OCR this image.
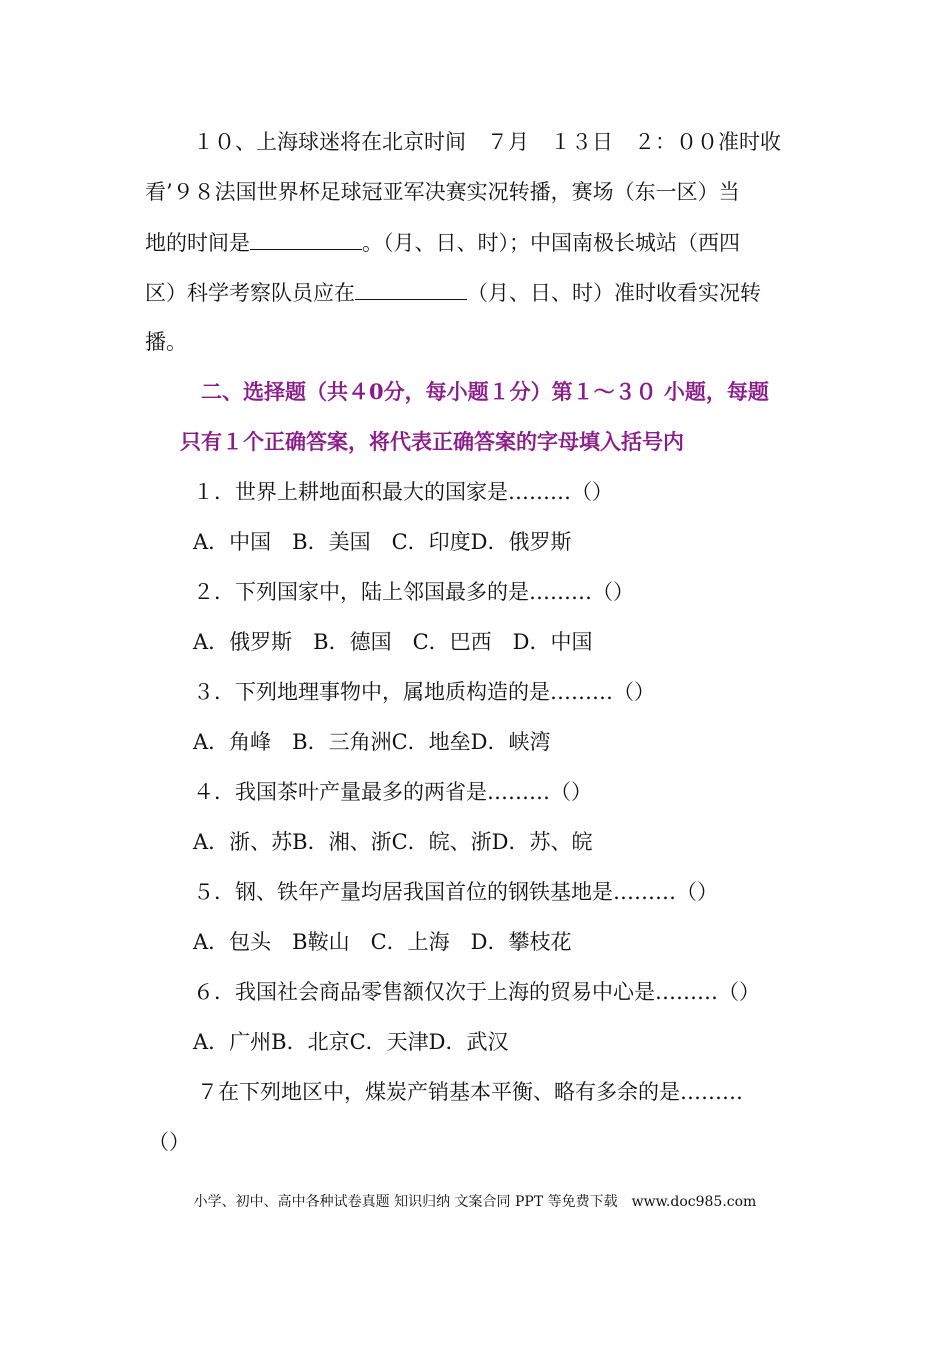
１０、上海球迷将在北京时间　７月　１３日　２：００准时收
看’９８法国世界杯足球冠亚军决赛实况转播，赛场（东一区）当
地的时间是	。（月、日、时）；中国南极长城站（西四
区）科学考察队员应在	（月、日、时）准时收看实况转
播。
二、选择题（共４0分，每小题１分）第１～３０ 小题，每题
只有１个正确答案，将代表正确答案的字母填入括号内
１．世界上耕地面积最大的国家是………（）
A．中国　B．美国　C．印度D．俄罗斯
２．下列国家中，陆上邻国最多的是………（）
A．俄罗斯　B．德国　C．巴西　D．中国
３．下列地理事物中，属地质构造的是………（）
A．角峰　B．三角洲C．地垒D．峡湾
４．我国茶叶产量最多的两省是………（）
A．浙、苏B．湘、浙C．皖、浙D．苏、皖
５．钢、铁年产量均居我国首位的钢铁基地是………（）
A．包头　B鞍山　C．上海　D．攀枝花
６．我国社会商品零售额仅次于上海的贸易中心是………（）
A．广州B．北京C．天津D．武汉
７在下列地区中，煤炭产销基本平衡、略有多余的是………
（）
小学、初中、高中各种试卷真题 知识归纳 文案合同 PPT 等免费下载　www.doc985.com
